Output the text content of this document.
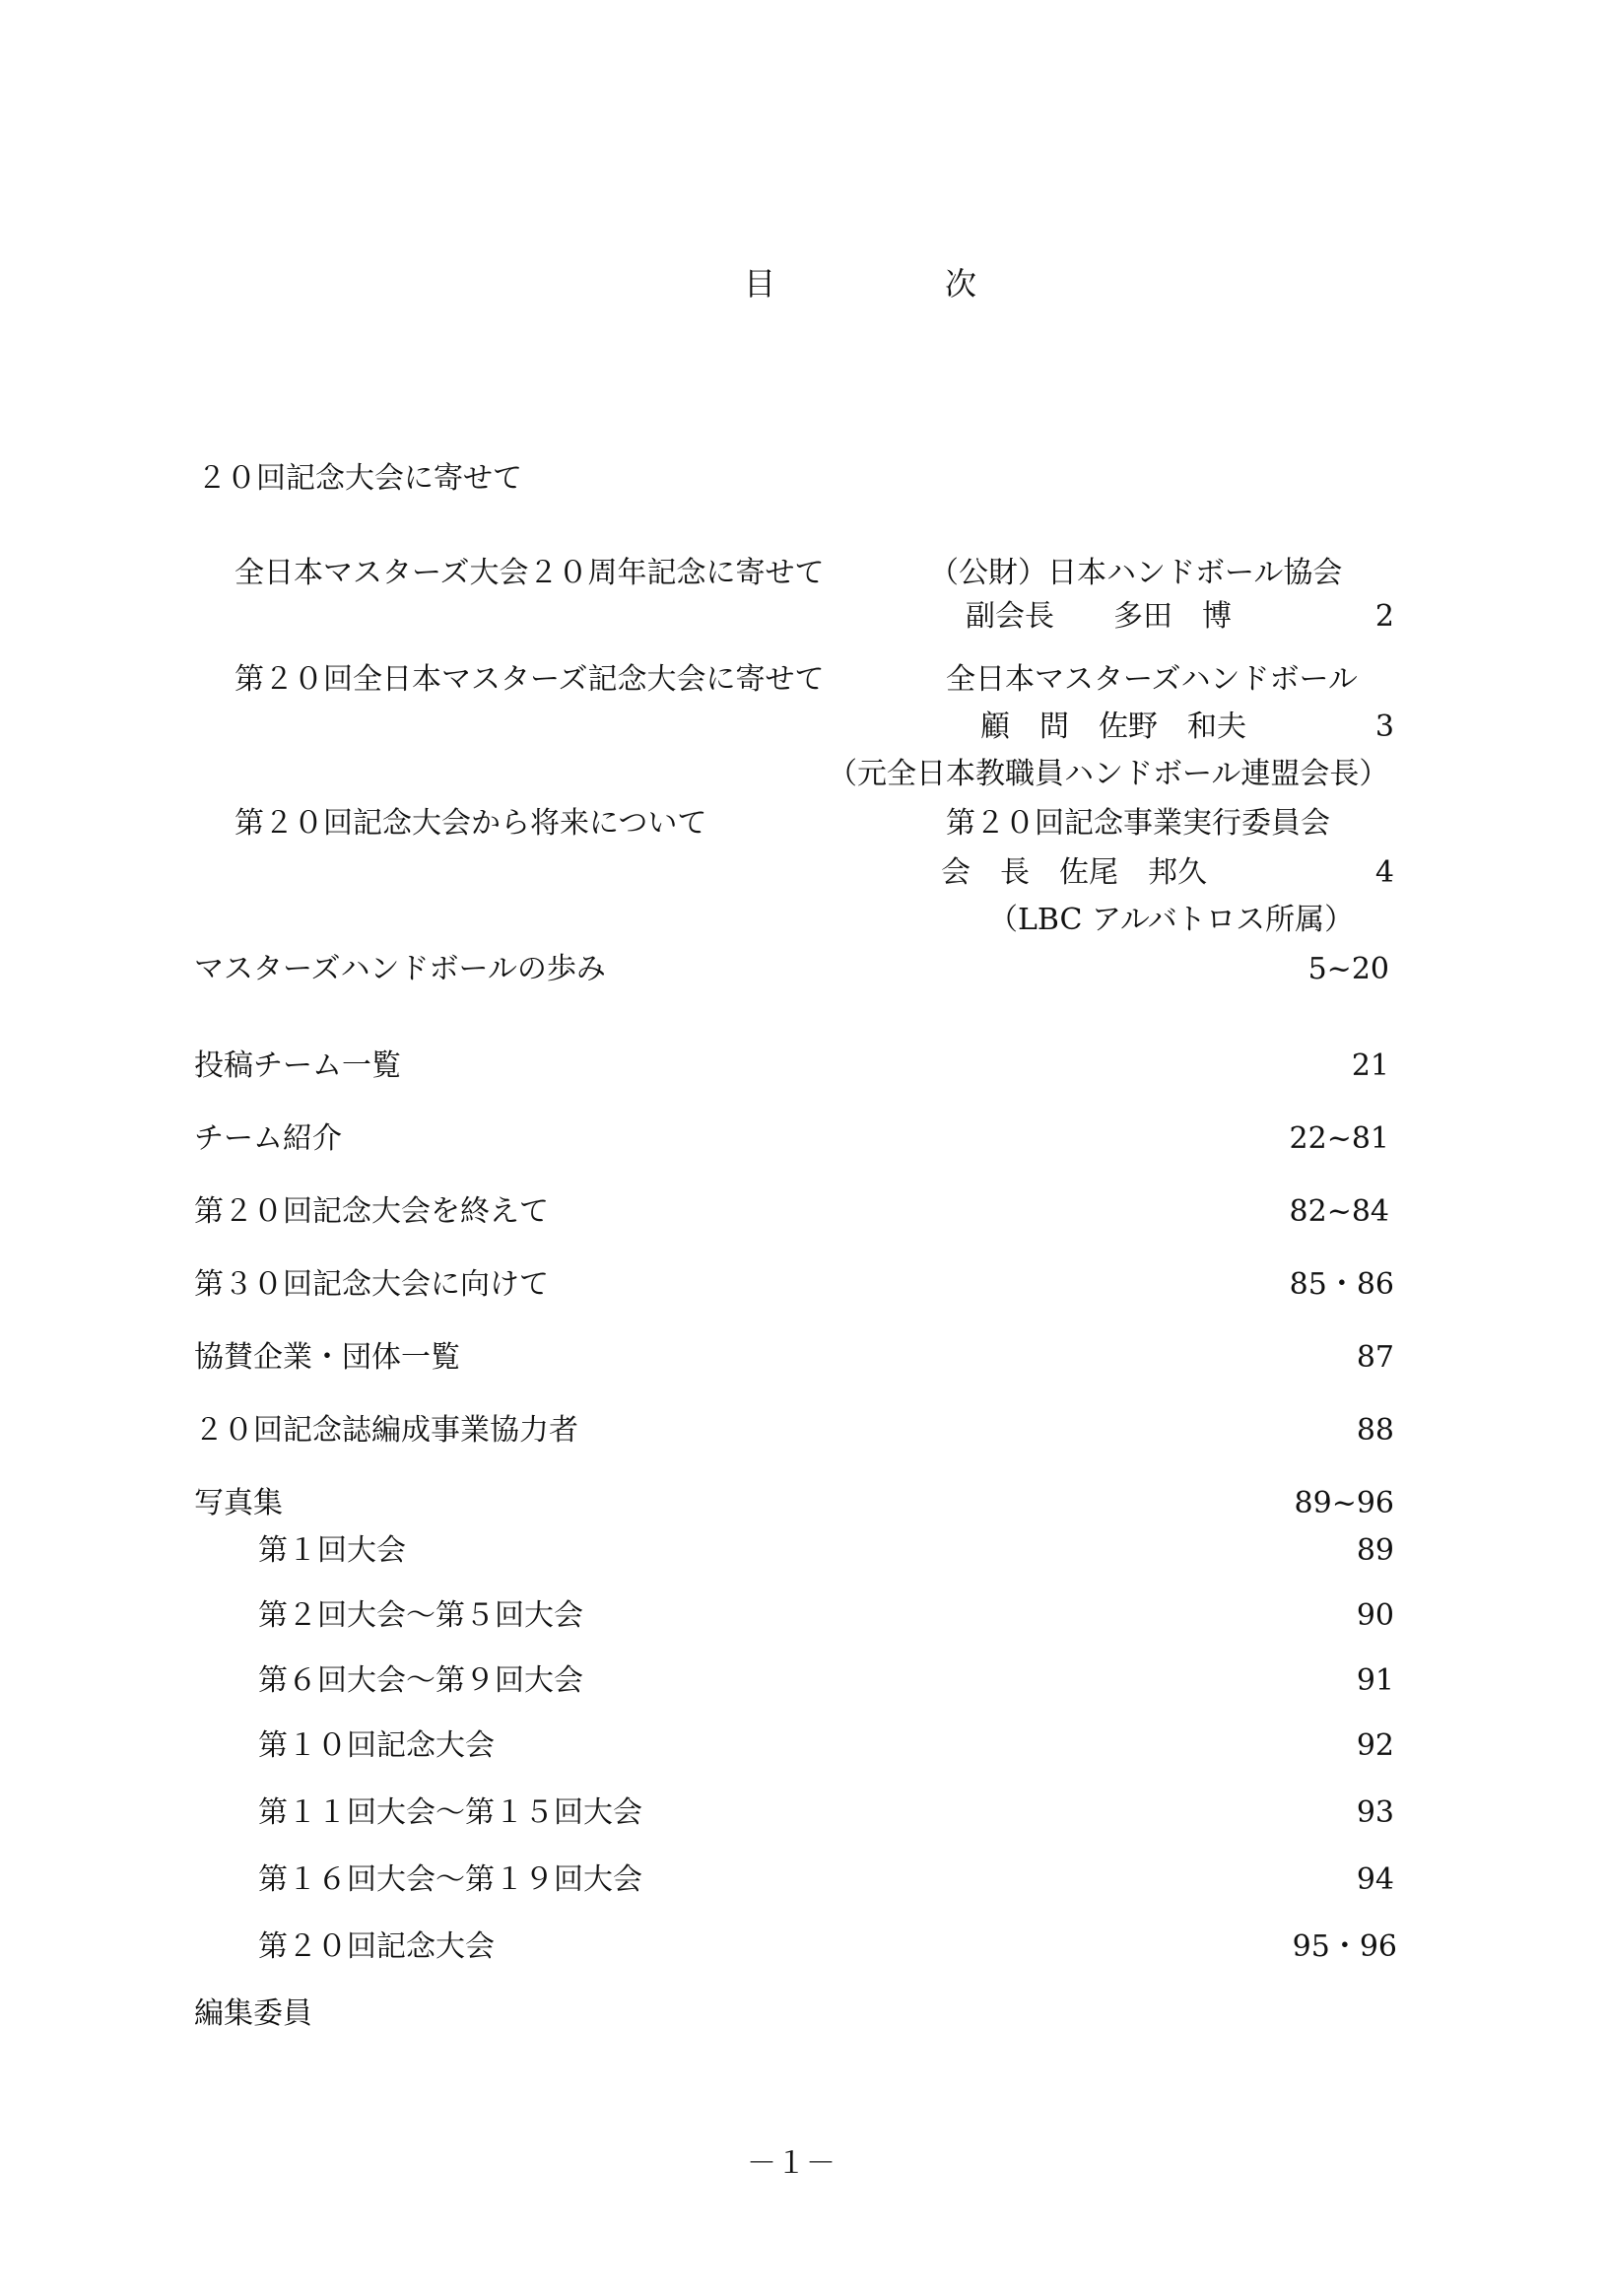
目　次
２０回記念大会に寄せて
全日本マスターズ大会２０周年記念に寄せて	（公財）日本ハンドボール協会
副会長　　多田　博	2
第２０回全日本マスターズ記念大会に寄せて	全日本マスターズハンドボール
顧　問　佐野　和夫	3
（元全日本教職員ハンドボール連盟会長）
第２０回記念大会から将来について	第２０回記念事業実行委員会
会　長　佐尾　邦久	4
（LBC アルバトロス所属）
マスターズハンドボールの歩み	5~20
投稿チーム一覧	21
チーム紹介	22~81
第２０回記念大会を終えて	82~84
第３０回記念大会に向けて	85・86
協賛企業・団体一覧	87
２０回記念誌編成事業協力者	88
写真集	89~96
第１回大会	89
第２回大会～第５回大会	90
第６回大会～第９回大会	91
第１０回記念大会	92
第１１回大会～第１５回大会	93
第１６回大会～第１９回大会	94
第２０回記念大会	95・96
編集委員
－１－
